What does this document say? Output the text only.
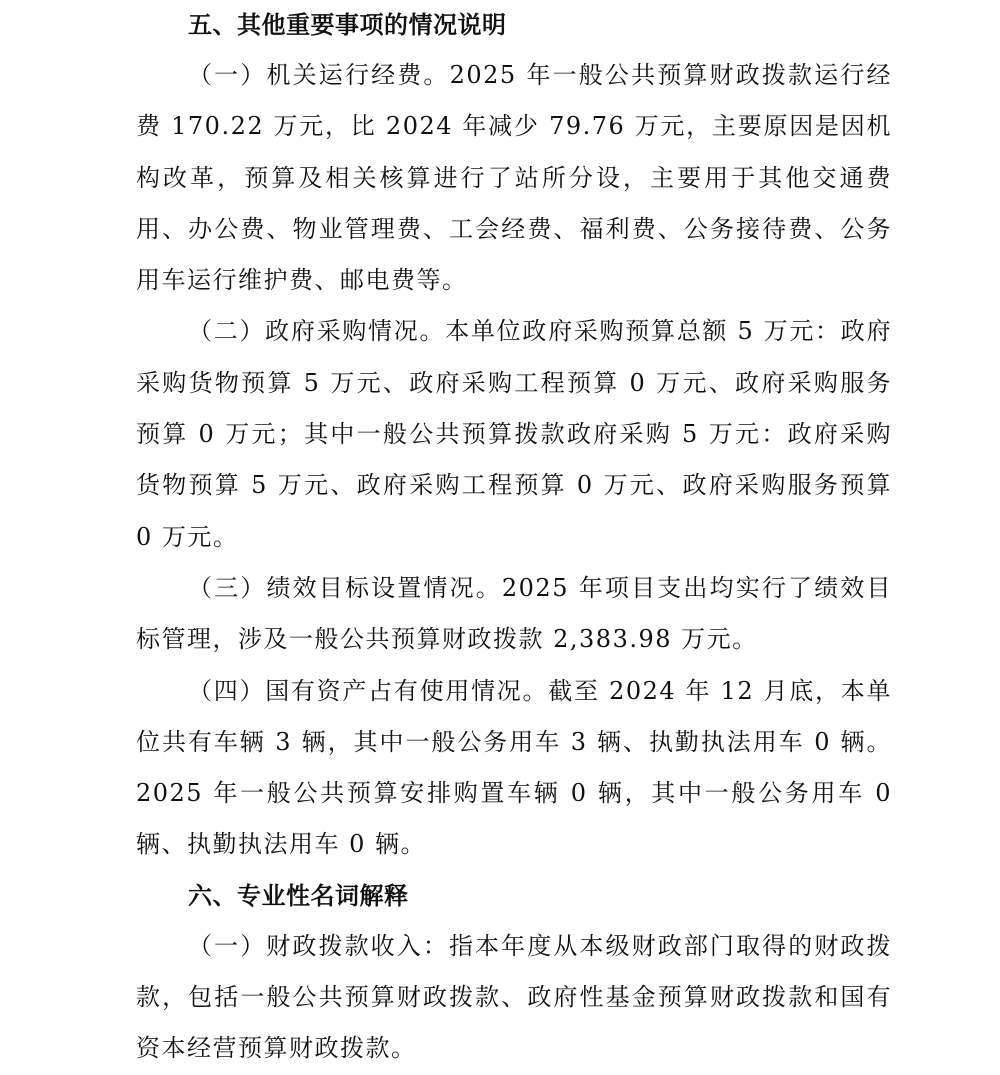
五、其他重要事项的情况说明

（一）机关运行经费。2025 年一般公共预算财政拨款运行经费 170.22 万元，比 2024 年减少 79.76 万元，主要原因是因机构改革，预算及相关核算进行了站所分设，主要用于其他交通费用、办公费、物业管理费、工会经费、福利费、公务接待费、公务用车运行维护费、邮电费等。

（二）政府采购情况。本单位政府采购预算总额 5 万元：政府采购货物预算 5 万元、政府采购工程预算 0 万元、政府采购服务预算 0 万元；其中一般公共预算拨款政府采购 5 万元：政府采购货物预算 5 万元、政府采购工程预算 0 万元、政府采购服务预算 0 万元。

（三）绩效目标设置情况。2025 年项目支出均实行了绩效目标管理，涉及一般公共预算财政拨款 2,383.98 万元。

（四）国有资产占有使用情况。截至 2024 年 12 月底，本单位共有车辆 3 辆，其中一般公务用车 3 辆、执勤执法用车 0 辆。2025 年一般公共预算安排购置车辆 0 辆，其中一般公务用车 0 辆、执勤执法用车 0 辆。

六、专业性名词解释

（一）财政拨款收入：指本年度从本级财政部门取得的财政拨款，包括一般公共预算财政拨款、政府性基金预算财政拨款和国有资本经营预算财政拨款。
